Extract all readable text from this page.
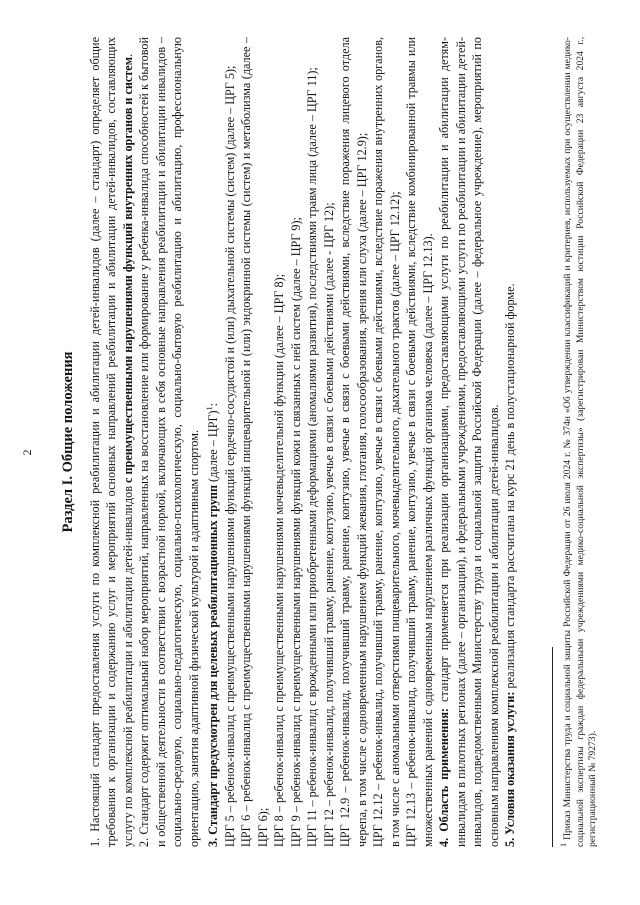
2 Раздел I. Общие положения 1. Настоящий стандарт предоставления услуги по комплексной реабилитации и абилитации детей-инвалидов (далее – стандарт) определяет общие требования к организации и содержанию услуг и мероприятий основных направлений реабилитации и абилитации детей-инвалидов, составляющих услугу по комплексной реабилитации и абилитации детей-инвалидов с преимущественными нарушениями функций внутренних органов и систем. 2. Стандарт содержит оптимальный набор мероприятий, направленных на восстановление или формирование у ребенка-инвалида способностей к бытовой и общественной деятельности в соответствии с возрастной нормой, включающих в себя основные направления реабилитации и абилитации инвалидов – социально-средовую, социально-педагогическую, социально-психологическую, социально-бытовую реабилитацию и абилитацию, профессиональную ориентацию, занятия адаптивной физической культурой и адаптивным спортом. 3. Стандарт предусмотрен для целевых реабилитационных групп (далее – ЦРГ)$^1$: ЦРГ 5 – ребенок-инвалид с преимущественными нарушениями функций сердечно-сосудистой и (или) дыхательной системы (систем) (далее – ЦРГ 5); ЦРГ 6 – ребенок-инвалид с преимущественными нарушениями функций пищеварительной и (или) эндокринной системы (систем) и метаболизма (далее – ЦРГ 6); ЦРГ 8 – ребенок-инвалид с преимущественными нарушениями мочевыделительной функции (далее – ЦРГ 8); ЦРГ 9 – ребенок-инвалид с преимущественными нарушениями функций кожи и связанных с ней систем (далее – ЦРГ 9); ЦРГ 11 – ребенок-инвалид с врожденными или приобретенными деформациями (аномалиями развития), последствиями травм лица (далее – ЦРГ 11); ЦРГ 12 – ребенок-инвалид, получивший травму, ранение, контузию, увечье в связи с боевыми действиями (далее - ЦРГ 12); ЦРГ 12.9 – ребенок-инвалид, получивший травму, ранение, контузию, увечье в связи с боевыми действиями, вследствие поражения лицевого отдела черепа, в том числе с одновременным нарушением функций жевания, глотания, голосообразования, зрения или слуха (далее – ЦРГ 12.9); ЦРГ 12.12 – ребенок-инвалид, получивший травму, ранение, контузию, увечье в связи с боевыми действиями, вследствие поражения внутренних органов, в том числе с аномальными отверстиями пищеварительного, мочевыделительного, дыхательного трактов (далее – ЦРГ 12.12); ЦРГ 12.13 – ребенок-инвалид, получивший травму, ранение, контузию, увечье в связи с боевыми действиями, вследствие комбинированной травмы или множественных ранений с одновременным нарушением различных функций организма человека (далее – ЦРГ 12.13). 4. Область применения: стандарт применяется при реализации организациями, предоставляющими услуги по реабилитации и абилитации детям-инвалидам в пилотных регионах (далее – организации), и федеральными учреждениями, предоставляющими услуги по реабилитации и абилитации детей-инвалидов, подведомственными Министерству труда и социальной защиты Российской Федерации (далее – федеральное учреждение), мероприятий по основным направлениям комплексной реабилитации и абилитации детей-инвалидов. 5. Условия оказания услуги: реализация стандарта рассчитана на курс 21 день в полустационарной форме.

$^1$ Приказ Министерства труда и социальной защиты Российской Федерации от 26 июля 2024 г. № 374н «Об утверждении классификаций и критериев, используемых при осуществлении медико-социальной экспертизы граждан федеральными учреждениями медико-социальной экспертизы» (зарегистрирован Министерством юстиции Российской Федерации 23 августа 2024 г., регистрационный № 79273).
